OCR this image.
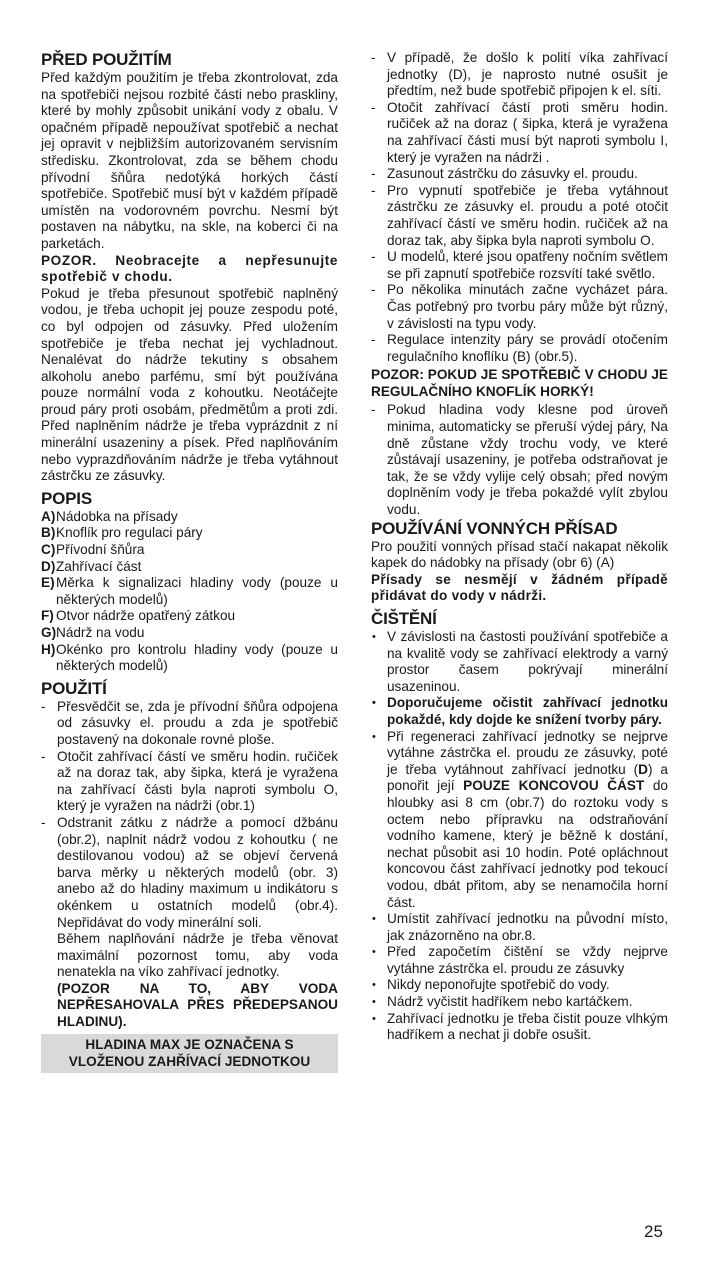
PŘED POUŽITÍM

Před každým použitím je třeba zkontrolovat, zda na spotřebiči nejsou rozbité části nebo praskliny, které by mohly způsobit unikání vody z obalu. V opačném případě nepoužívat spotřebič a nechat jej opravit v nejbližším autorizovaném servisním středisku. Zkontrolovat, zda se během chodu přívodní šňůra nedotýká horkých částí spotřebiče. Spotřebič musí být v každém případě umístěn na vodorovném povrchu. Nesmí být postaven na nábytku, na skle, na koberci či na parketách.

POZOR. Neobracejte a nepřesunujte spotřebič v chodu.

Pokud je třeba přesunout spotřebič naplněný vodou, je třeba uchopit jej pouze zespodu poté, co byl odpojen od zásuvky. Před uložením spotřebiče je třeba nechat jej vychladnout. Nenalévat do nádrže tekutiny s obsahem alkoholu anebo parfému, smí být používána pouze normální voda z kohoutku. Neotáčejte proud páry proti osobám, předmětům a proti zdi. Před naplněním nádrže je třeba vyprázdnit z ní minerální usazeniny a písek. Před naplňováním nebo vyprazdňováním nádrže je třeba vytáhnout zástrčku ze zásuvky.

POPIS
A) Nádobka na přísady
B) Knoflík pro regulaci páry
C) Přívodní šňůra
D) Zahřívací část
E) Měrka k signalizaci hladiny vody (pouze u některých modelů)
F) Otvor nádrže opatřený zátkou
G) Nádrž na vodu
H) Okénko pro kontrolu hladiny vody (pouze u některých modelů)
POUŽITÍ
- Přesvědčit se, zda je přívodní šňůra odpojena od zásuvky el. proudu a zda je spotřebič postavený na dokonale rovné ploše.
- Otočit zahřívací částí ve směru hodin. ručiček až na doraz tak, aby šipka, která je vyražena na zahřívací části byla naproti symbolu O, který je vyražen na nádrži (obr.1)
- Odstranit zátku z nádrže a pomocí džbánu (obr.2), naplnit nádrž vodou z kohoutku ( ne destilovanou vodou) až se objeví červená barva měrky u některých modelů (obr. 3) anebo až do hladiny maximum u indikátoru s okénkem u ostatních modelů (obr.4). Nepřidávat do vody minerální soli.

Během naplňování nádrže je třeba věnovat maximální pozornost tomu, aby voda nenatekla na víko zahřívací jednotky.

(POZOR NA TO, ABY VODA NEPŘESAHOVALA PŘES PŘEDEPSANOU HLADINU).

HLADINA MAX JE OZNAČENA S VLOŽENOU ZAHŘÍVACÍ JEDNOTKOU
- V případě, že došlo k polití víka zahřívací jednotky (D), je naprosto nutné osušit je předtím, než bude spotřebič připojen k el. síti.
- Otočit zahřívací částí proti směru hodin. ručiček až na doraz ( šipka, která je vyražena na zahřívací části musí být naproti symbolu I, který je vyražen na nádrži .
- Zasunout zástrčku do zásuvky el. proudu.
- Pro vypnutí spotřebiče je třeba vytáhnout zástrčku ze zásuvky el. proudu a poté otočit zahřívací částí ve směru hodin. ručiček až na doraz tak, aby šipka byla naproti symbolu O.
- U modelů, které jsou opatřeny nočním světlem se při zapnutí spotřebiče rozsvítí také světlo.
- Po několika minutách začne vycházet pára. Čas potřebný pro tvorbu páry může být různý, v závislosti na typu vody.
- Regulace intenzity páry se provádí otočením regulačního knoflíku (B) (obr.5).

POZOR: POKUD JE SPOTŘEBIČ V CHODU JE REGULAČNÍHO KNOFLÍK HORKÝ!

- Pokud hladina vody klesne pod úroveň minima, automaticky se přeruší výdej páry, Na dně zůstane vždy trochu vody, ve které zůstávají usazeniny, je potřeba odstraňovat je tak, že se vždy vylije celý obsah; před novým doplněním vody je třeba pokaždé vylít zbylou vodu.
POUŽÍVÁNÍ VONNÝCH PŘÍSAD

Pro použití vonných přísad stačí nakapat několik kapek do nádobky na přísady (obr 6) (A)

Přísady se nesmějí v žádném případě přidávat do vody v nádrži.

ČIŠTĚNÍ
• V závislosti na častosti používání spotřebiče a na kvalitě vody se zahřívací elektrody a varný prostor časem pokrývají minerální usazeninou.
• Doporučujeme očistit zahřívací jednotku pokaždé, kdy dojde ke snížení tvorby páry.
• Při regeneraci zahřívací jednotky se nejprve vytáhne zástrčka el. proudu ze zásuvky, poté je třeba vytáhnout zahřívací jednotku (D) a ponořit její POUZE KONCOVOU ČÁST do hloubky asi 8 cm (obr.7) do roztoku vody s octem nebo přípravku na odstraňování vodního kamene, který je běžně k dostání, nechat působit asi 10 hodin. Poté opláchnout koncovou část zahřívací jednotky pod tekoucí vodou, dbát přitom, aby se nenamočila horní část.
• Umístit zahřívací jednotku na původní místo, jak znázorněno na obr.8.
• Před započetím čištění se vždy nejprve vytáhne zástrčka el. proudu ze zásuvky
• Nikdy neponořujte spotřebič do vody.
• Nádrž vyčistit hadříkem nebo kartáčkem.
• Zahřívací jednotku je třeba čistit pouze vlhkým hadříkem a nechat ji dobře osušit.
25
